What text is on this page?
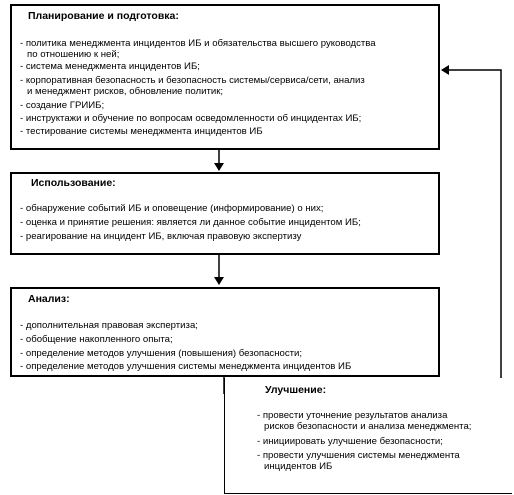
Планирование и подготовка:
- политика менеджмента инцидентов ИБ и обязательства высшего руководства
по отношению к ней;
- система менеджмента инцидентов ИБ;
- корпоративная безопасность и безопасность системы/сервиса/сети, анализ
и менеджмент рисков, обновление политик;
- создание ГРИИБ;
- инструктажи и обучение по вопросам осведомленности об инцидентах ИБ;
- тестирование системы менеджмента инцидентов ИБ
Использование:
- обнаружение событий ИБ и оповещение (информирование) о них;
- оценка и принятие решения: является ли данное событие инцидентом ИБ;
- реагирование на инцидент ИБ, включая правовую экспертизу
Анализ:
- дополнительная правовая экспертиза;
- обобщение накопленного опыта;
- определение методов улучшения (повышения) безопасности;
- определение методов улучшения системы менеджмента инцидентов ИБ
Улучшение:
- провести уточнение результатов анализа
рисков безопасности и анализа менеджмента;
- инициировать улучшение безопасности;
- провести улучшения системы менеджмента
инцидентов ИБ
